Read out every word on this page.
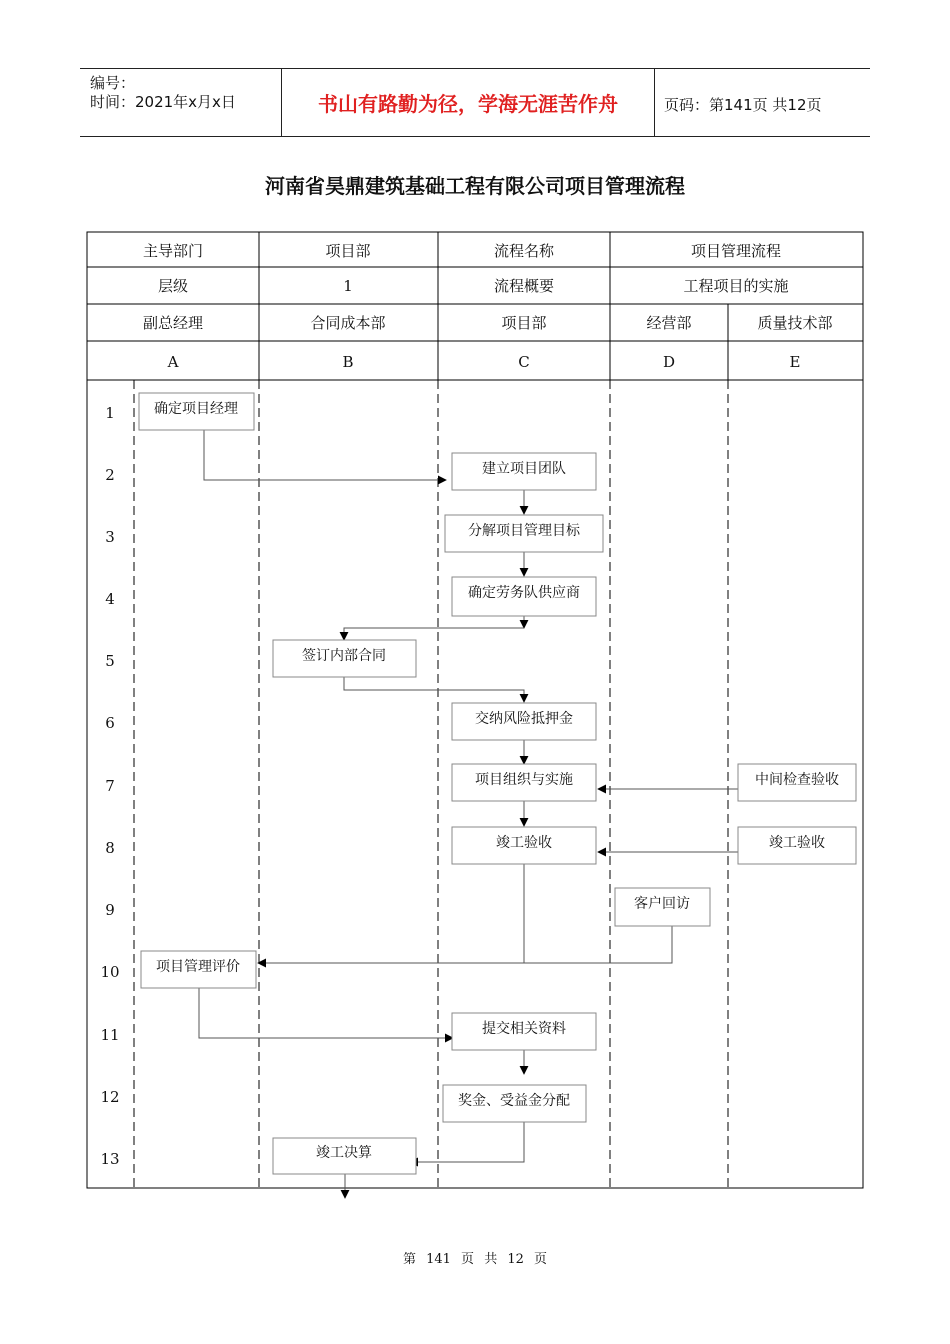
编号：
时间：2021年x月x日	书山有路勤为径，学海无涯苦作舟	页码：第141页 共12页
河南省昊鼎建筑基础工程有限公司项目管理流程
主导部门	项目部	流程名称	项目管理流程
层级	1	流程概要	工程项目的实施
副总经理	合同成本部	项目部	经营部	质量技术部
A	B	C	D	E
1
2
3
4
5
6
7
8
9
10
11
12
13
确定项目经理
建立项目团队
分解项目管理目标
确定劳务队供应商
签订内部合同
交纳风险抵押金
项目组织与实施	中间检查验收
竣工验收	竣工验收
客户回访
项目管理评价
提交相关资料
奖金、受益金分配
竣工决算
第 141 页 共 12 页
